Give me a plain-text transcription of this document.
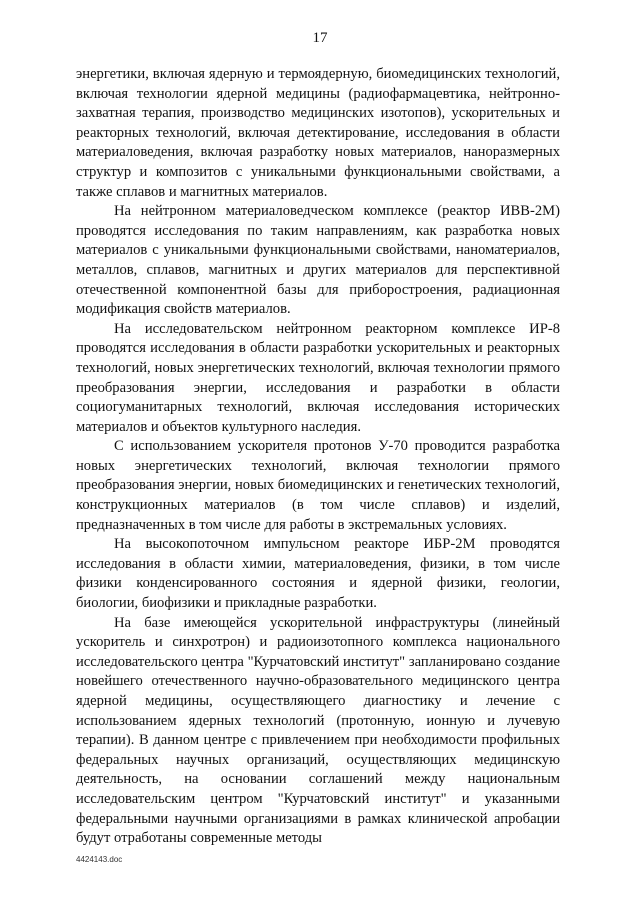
17

энергетики, включая ядерную и термоядерную, биомедицинских технологий, включая технологии ядерной медицины (радиофармацевтика, нейтронно-захватная терапия, производство медицинских изотопов), ускорительных и реакторных технологий, включая детектирование, исследования в области материаловедения, включая разработку новых материалов, наноразмерных структур и композитов с уникальными функциональными свойствами, а также сплавов и магнитных материалов.

На нейтронном материаловедческом комплексе (реактор ИВВ-2М) проводятся исследования по таким направлениям, как разработка новых материалов с уникальными функциональными свойствами, наноматериалов, металлов, сплавов, магнитных и других материалов для перспективной отечественной компонентной базы для приборостроения, радиационная модификация свойств материалов.

На исследовательском нейтронном реакторном комплексе ИР-8 проводятся исследования в области разработки ускорительных и реакторных технологий, новых энергетических технологий, включая технологии прямого преобразования энергии, исследования и разработки в области социогуманитарных технологий, включая исследования исторических материалов и объектов культурного наследия.

С использованием ускорителя протонов У-70 проводится разработка новых энергетических технологий, включая технологии прямого преобразования энергии, новых биомедицинских и генетических технологий, конструкционных материалов (в том числе сплавов) и изделий, предназначенных в том числе для работы в экстремальных условиях.

На высокопоточном импульсном реакторе ИБР-2М проводятся исследования в области химии, материаловедения, физики, в том числе физики конденсированного состояния и ядерной физики, геологии, биологии, биофизики и прикладные разработки.

На базе имеющейся ускорительной инфраструктуры (линейный ускоритель и синхротрон) и радиоизотопного комплекса национального исследовательского центра "Курчатовский институт" запланировано создание новейшего отечественного научно-образовательного медицинского центра ядерной медицины, осуществляющего диагностику и лечение с использованием ядерных технологий (протонную, ионную и лучевую терапии). В данном центре с привлечением при необходимости профильных федеральных научных организаций, осуществляющих медицинскую деятельность, на основании соглашений между национальным исследовательским центром "Курчатовский институт" и указанными федеральными научными организациями в рамках клинической апробации будут отработаны современные методы

4424143.doc
